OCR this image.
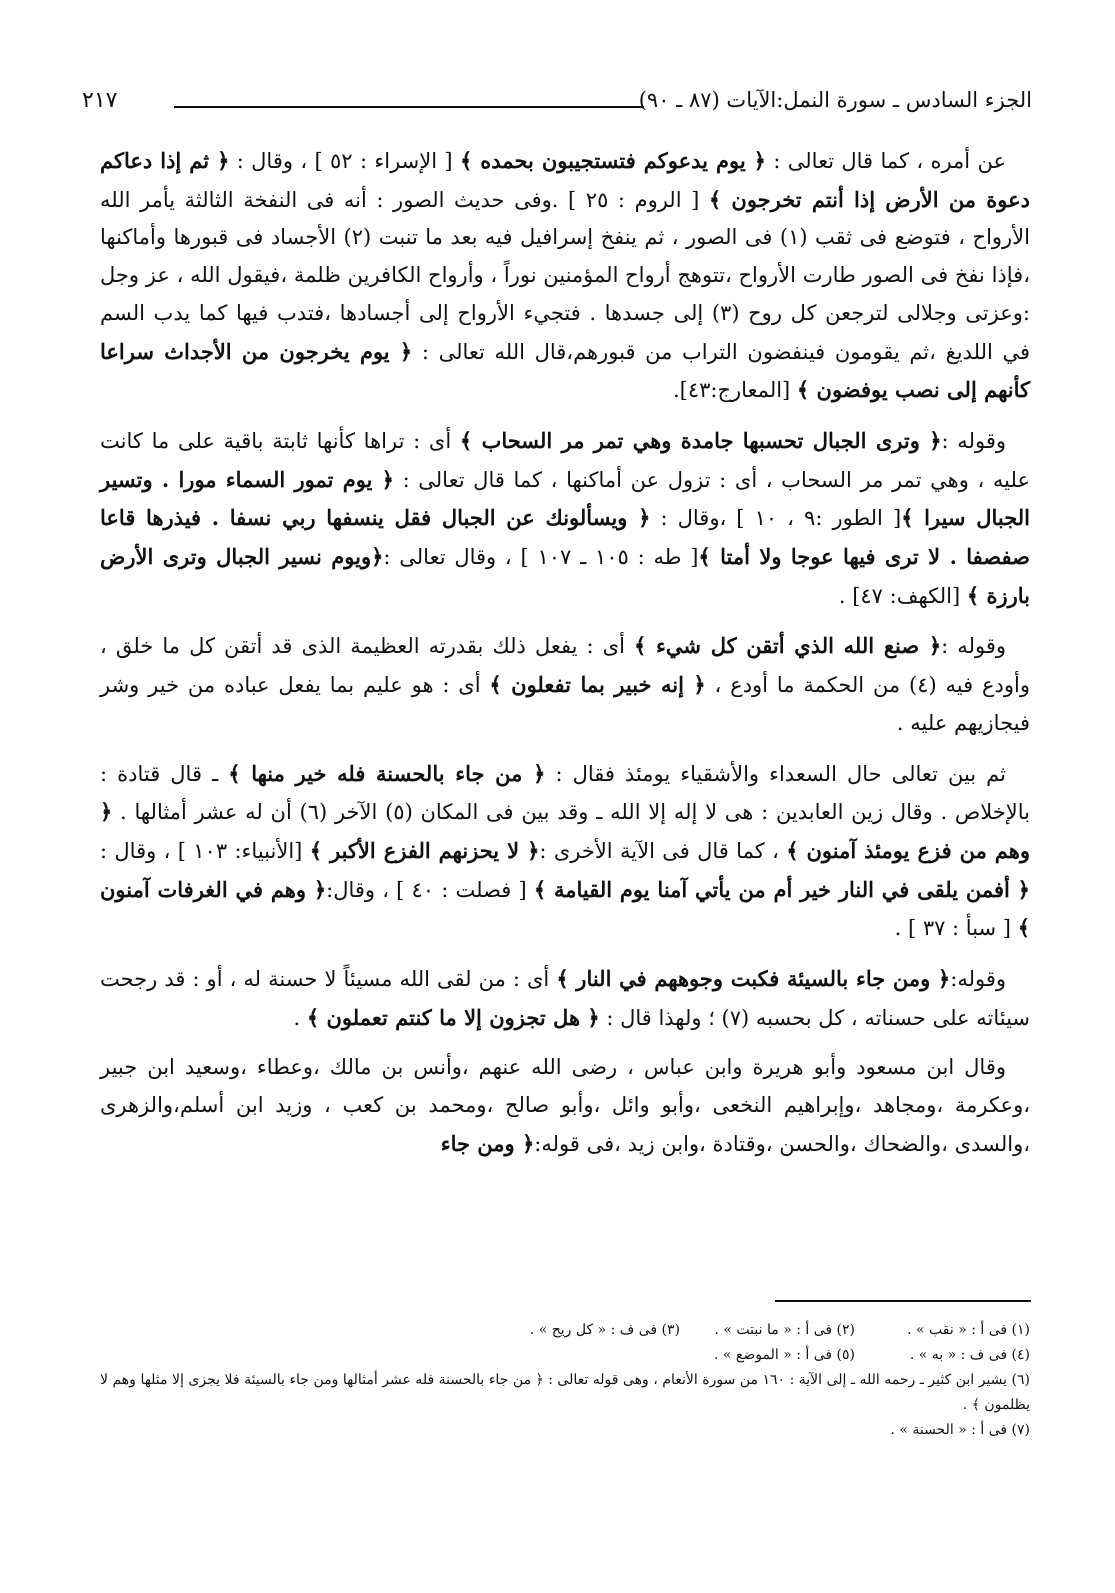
الجزء السادس ـ سورة النمل:الآيات (٨٧ ـ ٩٠)
٢١٧

عن أمره ، كما قال تعالى : ﴿ يوم يدعوكم فتستجيبون بحمده ﴾ [ الإسراء : ٥٢ ] ، وقال : ﴿ ثم إذا دعاكم دعوة من الأرض إذا أنتم تخرجون ﴾ [ الروم : ٢٥ ] .وفى حديث الصور : أنه فى النفخة الثالثة يأمر الله الأرواح ، فتوضع فى ثقب (١) فى الصور ، ثم ينفخ إسرافيل فيه بعد ما تنبت (٢) الأجساد فى قبورها وأماكنها ،فإذا نفخ فى الصور طارت الأرواح ،تتوهج أرواح المؤمنين نوراً ، وأرواح الكافرين ظلمة ،فيقول الله ، عز وجل :وعزتى وجلالى لترجعن كل روح (٣) إلى جسدها . فتجيء الأرواح إلى أجسادها ،فتدب فيها كما يدب السم في اللديغ ،ثم يقومون فينفضون التراب من قبورهم،قال الله تعالى : ﴿ يوم يخرجون من الأجداث سراعا كأنهم إلى نصب يوفضون ﴾ [المعارج:٤٣].

وقوله :﴿ وترى الجبال تحسبها جامدة وهي تمر مر السحاب ﴾ أى : تراها كأنها ثابتة باقية على ما كانت عليه ، وهي تمر مر السحاب ، أى : تزول عن أماكنها ، كما قال تعالى : ﴿ يوم تمور السماء مورا . وتسير الجبال سيرا ﴾[ الطور :٩ ، ١٠ ] ،وقال : ﴿ ويسألونك عن الجبال فقل ينسفها ربي نسفا . فيذرها قاعا صفصفا . لا ترى فيها عوجا ولا أمتا ﴾[ طه : ١٠٥ ـ ١٠٧ ] ، وقال تعالى :﴿ويوم نسير الجبال وترى الأرض بارزة ﴾ [الكهف: ٤٧] .

وقوله :﴿ صنع الله الذي أتقن كل شيء ﴾ أى : يفعل ذلك بقدرته العظيمة الذى قد أتقن كل ما خلق ، وأودع فيه (٤) من الحكمة ما أودع ، ﴿ إنه خبير بما تفعلون ﴾ أى : هو عليم بما يفعل عباده من خير وشر فيجازيهم عليه .

ثم بين تعالى حال السعداء والأشقياء يومئذ فقال : ﴿ من جاء بالحسنة فله خير منها ﴾ ـ قال قتادة : بالإخلاص . وقال زين العابدين : هى لا إله إلا الله ـ وقد بين فى المكان (٥) الآخر (٦) أن له عشر أمثالها . ﴿ وهم من فزع يومئذ آمنون ﴾ ، كما قال فى الآية الأخرى :﴿ لا يحزنهم الفزع الأكبر ﴾ [الأنبياء: ١٠٣ ] ، وقال : ﴿ أفمن يلقى في النار خير أم من يأتي آمنا يوم القيامة ﴾ [ فصلت : ٤٠ ] ، وقال:﴿ وهم في الغرفات آمنون ﴾ [ سبأ : ٣٧ ] .

وقوله:﴿ ومن جاء بالسيئة فكبت وجوههم في النار ﴾ أى : من لقى الله مسيئاً لا حسنة له ، أو : قد رجحت سيئاته على حسناته ، كل بحسبه (٧) ؛ ولهذا قال : ﴿ هل تجزون إلا ما كنتم تعملون ﴾ .

وقال ابن مسعود وأبو هريرة وابن عباس ، رضى الله عنهم ،وأنس بن مالك ،وعطاء ،وسعيد ابن جبير ،وعكرمة ،ومجاهد ،وإبراهيم النخعى ،وأبو وائل ،وأبو صالح ،ومحمد بن كعب ، وزيد ابن أسلم،والزهرى ،والسدى ،والضحاك ،والحسن ،وقتادة ،وابن زيد ،فى قوله:﴿ ومن جاء

(١) فى أ : « نقب » .
(٢) فى أ : « ما نبتت » .
(٣) فى ف : « كل ريح » .
(٤) فى ف : « به » .
(٥) فى أ : « الموضع » .
(٦) يشير ابن كثير ـ رحمه الله ـ إلى الآية : ١٦٠ من سورة الأنعام ، وهى قوله تعالى : ﴿ من جاء بالحسنة فله عشر أمثالها ومن جاء بالسيئة فلا يجزى إلا مثلها وهم لا يظلمون ﴾ .
(٧) فى أ : « الحسنة » .
